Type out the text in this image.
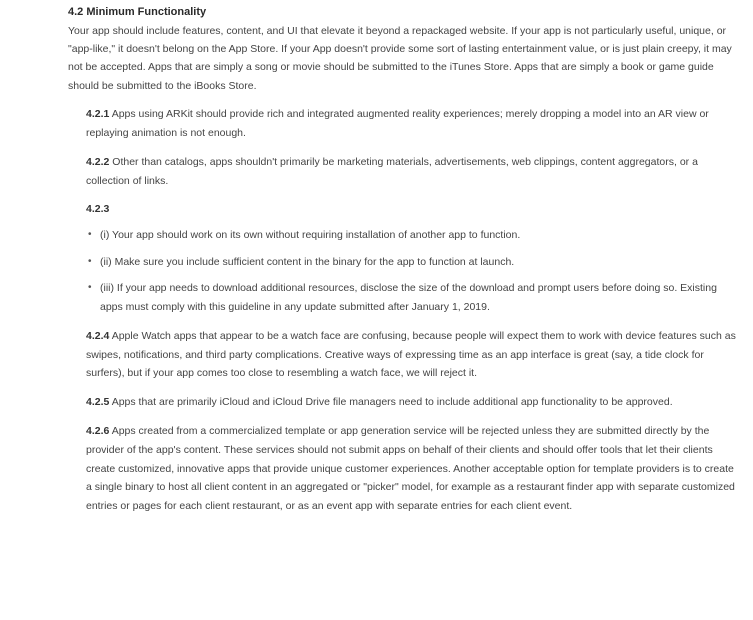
4.2 Minimum Functionality

Your app should include features, content, and UI that elevate it beyond a repackaged website. If your app is not particularly useful, unique, or "app-like," it doesn't belong on the App Store. If your App doesn't provide some sort of lasting entertainment value, or is just plain creepy, it may not be accepted. Apps that are simply a song or movie should be submitted to the iTunes Store. Apps that are simply a book or game guide should be submitted to the iBooks Store.

4.2.1 Apps using ARKit should provide rich and integrated augmented reality experiences; merely dropping a model into an AR view or replaying animation is not enough.

4.2.2 Other than catalogs, apps shouldn't primarily be marketing materials, advertisements, web clippings, content aggregators, or a collection of links.

4.2.3
• (i) Your app should work on its own without requiring installation of another app to function.
• (ii) Make sure you include sufficient content in the binary for the app to function at launch.
• (iii) If your app needs to download additional resources, disclose the size of the download and prompt users before doing so. Existing apps must comply with this guideline in any update submitted after January 1, 2019.

4.2.4 Apple Watch apps that appear to be a watch face are confusing, because people will expect them to work with device features such as swipes, notifications, and third party complications. Creative ways of expressing time as an app interface is great (say, a tide clock for surfers), but if your app comes too close to resembling a watch face, we will reject it.

4.2.5 Apps that are primarily iCloud and iCloud Drive file managers need to include additional app functionality to be approved.

4.2.6 Apps created from a commercialized template or app generation service will be rejected unless they are submitted directly by the provider of the app's content. These services should not submit apps on behalf of their clients and should offer tools that let their clients create customized, innovative apps that provide unique customer experiences. Another acceptable option for template providers is to create a single binary to host all client content in an aggregated or "picker" model, for example as a restaurant finder app with separate customized entries or pages for each client restaurant, or as an event app with separate entries for each client event.
